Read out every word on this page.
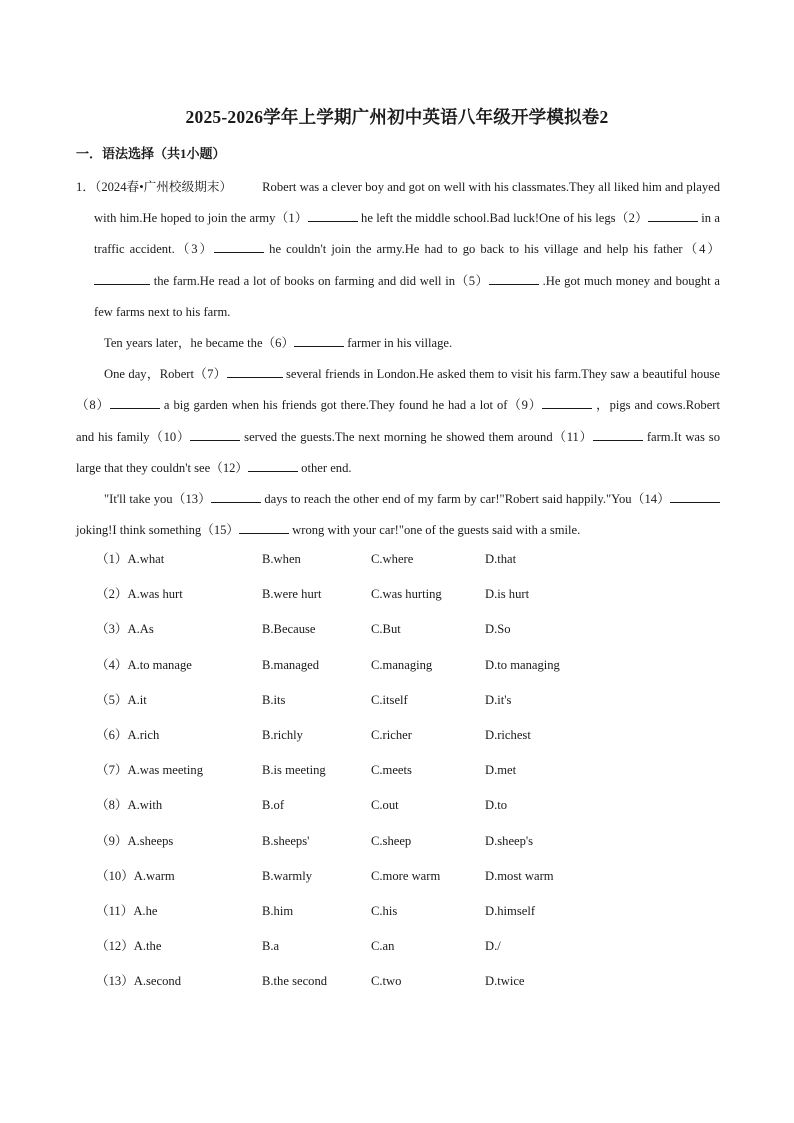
2025-2026学年上学期广州初中英语八年级开学模拟卷2
一．语法选择（共1小题）

1．（2024春•广州校级期末） Robert was a clever boy and got on well with his classmates.They all liked him and played with him.He hoped to join the army（1）	he left the middle school.Bad luck!One of his legs（2）	in a traffic accident.（3）	he couldn't join the army.He had to go back to his village and help his father（4） the farm.He read a lot of books on farming and did well in（5）	.He got much money and bought a few farms next to his farm.

Ten years later，he became the（6）	farmer in his village.

One day，Robert（7）	several friends in London.He asked them to visit his farm.They saw a beautiful house（8）	a big garden when his friends got there.They found he had a lot of（9）	，pigs and cows.Robert and his family（10）	served the guests.The next morning he showed them around（11）	farm.It was so large that they couldn't see（12）	other end.

"It'll take you（13）	days to reach the other end of my farm by car!"Robert said happily."You（14） joking!I think something（15）	wrong with your car!"one of the guests said with a smile.

（1）A.what	B.when	C.where	D.that
（2）A.was hurt	B.were hurt	C.was hurting	D.is hurt
（3）A.As	B.Because	C.But	D.So
（4）A.to manage	B.managed	C.managing	D.to managing
（5）A.it	B.its	C.itself	D.it's
（6）A.rich	B.richly	C.richer	D.richest
（7）A.was meeting	B.is meeting	C.meets	D.met
（8）A.with	B.of	C.out	D.to
（9）A.sheeps	B.sheeps'	C.sheep	D.sheep's
（10）A.warm	B.warmly	C.more warm	D.most warm
（11）A.he	B.him	C.his	D.himself
（12）A.the	B.a	C.an	D./
（13）A.second	B.the second	C.two	D.twice
